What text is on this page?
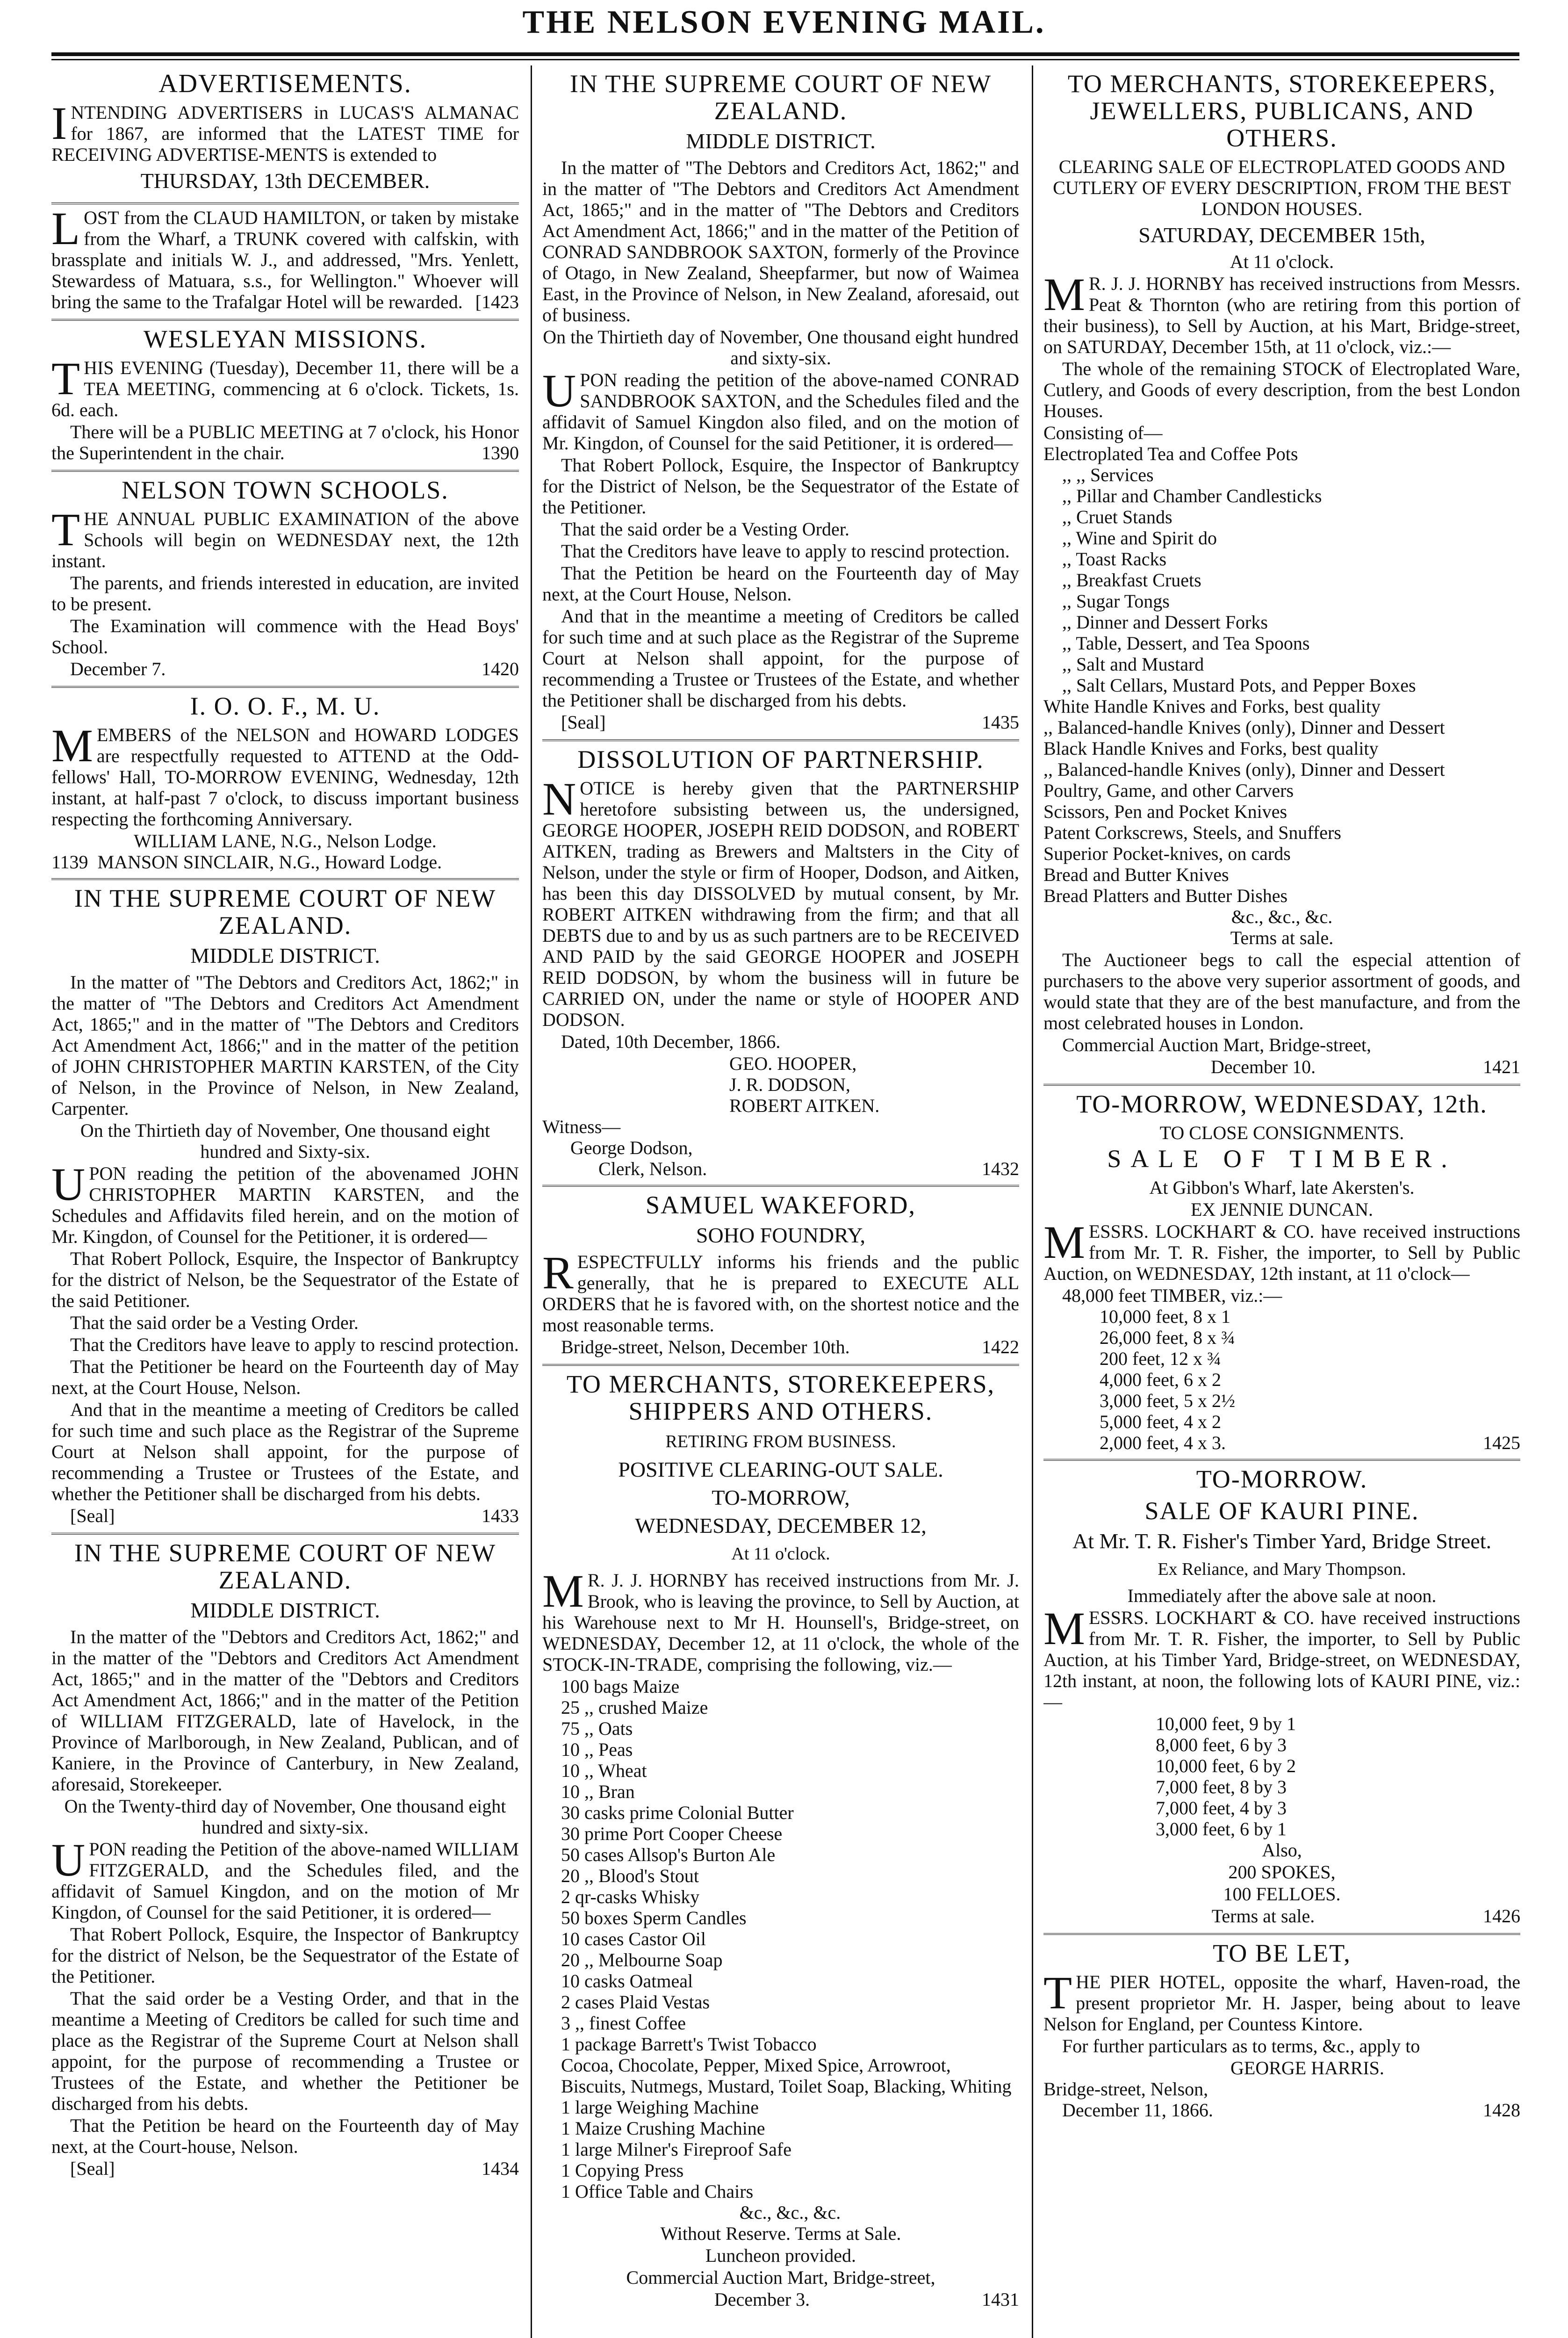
THE NELSON EVENING MAIL.
ADVERTISEMENTS.
INTENDING ADVERTISERS in LUCAS'S ALMANAC for 1867, are informed that the LATEST TIME for RECEIVING ADVERTISE-MENTS is extended to
THURSDAY, 13th DECEMBER.
LOST from the CLAUD HAMILTON, or taken by mistake from the Wharf, a TRUNK covered with calfskin, with brassplate and initials W. J., and addressed, "Mrs. Yenlett, Stewardess of Matuara, s.s., for Wellington." Whoever will bring the same to the Trafalgar Hotel will be rewarded. [1423
WESLEYAN MISSIONS.
THIS EVENING (Tuesday), December 11, there will be a TEA MEETING, commencing at 6 o'clock. Tickets, 1s. 6d. each.
There will be a PUBLIC MEETING at 7 o'clock, his Honor the Superintendent in the chair.	1390
NELSON TOWN SCHOOLS.
THE ANNUAL PUBLIC EXAMINATION of the above Schools will begin on WEDNESDAY next, the 12th instant.
The parents, and friends interested in education, are invited to be present.
The Examination will commence with the Head Boys' School.
December 7.	1420
I. O. O. F., M. U.
MEMBERS of the NELSON and HOWARD LODGES are respectfully requested to ATTEND at the Odd-fellows' Hall, TO-MORROW EVENING, Wednesday, 12th instant, at half-past 7 o'clock, to discuss important business respecting the forthcoming Anniversary.
WILLIAM LANE, N.G., Nelson Lodge.
1139 MANSON SINCLAIR, N.G., Howard Lodge.
IN THE SUPREME COURT OF NEW ZEALAND.
MIDDLE DISTRICT.
In the matter of "The Debtors and Creditors Act, 1862;" in the matter of "The Debtors and Creditors Act Amendment Act, 1865;" and in the matter of "The Debtors and Creditors Act Amendment Act, 1866;" and in the matter of the petition of JOHN CHRISTOPHER MARTIN KARSTEN, of the City of Nelson, in the Province of Nelson, in New Zealand, Carpenter.
On the Thirtieth day of November, One thousand eight hundred and Sixty-six.
UPON reading the petition of the abovenamed JOHN CHRISTOPHER MARTIN KARSTEN, and the Schedules and Affidavits filed herein, and on the motion of Mr. Kingdon, of Counsel for the Petitioner, it is ordered—
That Robert Pollock, Esquire, the Inspector of Bankruptcy for the district of Nelson, be the Sequestrator of the Estate of the said Petitioner.
That the said order be a Vesting Order.
That the Creditors have leave to apply to rescind protection.
That the Petitioner be heard on the Fourteenth day of May next, at the Court House, Nelson.
And that in the meantime a meeting of Creditors be called for such time and such place as the Registrar of the Supreme Court at Nelson shall appoint, for the purpose of recommending a Trustee or Trustees of the Estate, and whether the Petitioner shall be discharged from his debts.
[Seal]	1433
IN THE SUPREME COURT OF NEW ZEALAND.
MIDDLE DISTRICT.
In the matter of the "Debtors and Creditors Act, 1862;" and in the matter of the "Debtors and Creditors Act Amendment Act, 1865;" and in the matter of the "Debtors and Creditors Act Amendment Act, 1866;" and in the matter of the Petition of WILLIAM FITZGERALD, late of Havelock, in the Province of Marlborough, in New Zealand, Publican, and of Kaniere, in the Province of Canterbury, in New Zealand, aforesaid, Storekeeper.
On the Twenty-third day of November, One thousand eight hundred and sixty-six.
UPON reading the Petition of the above-named WILLIAM FITZGERALD, and the Schedules filed, and the affidavit of Samuel Kingdon, and on the motion of Mr Kingdon, of Counsel for the said Petitioner, it is ordered—
That Robert Pollock, Esquire, the Inspector of Bankruptcy for the district of Nelson, be the Sequestrator of the Estate of the Petitioner.
That the said order be a Vesting Order, and that in the meantime a Meeting of Creditors be called for such time and place as the Registrar of the Supreme Court at Nelson shall appoint, for the purpose of recommending a Trustee or Trustees of the Estate, and whether the Petitioner be discharged from his debts.
That the Petition be heard on the Fourteenth day of May next, at the Court-house, Nelson.
[Seal]	1434
IN THE SUPREME COURT OF NEW ZEALAND.
MIDDLE DISTRICT.
In the matter of "The Debtors and Creditors Act, 1862;" and in the matter of "The Debtors and Creditors Act Amendment Act, 1865;" and in the matter of "The Debtors and Creditors Act Amendment Act, 1866;" and in the matter of the Petition of CONRAD SANDBROOK SAXTON, formerly of the Province of Otago, in New Zealand, Sheepfarmer, but now of Waimea East, in the Province of Nelson, in New Zealand, aforesaid, out of business.
On the Thirtieth day of November, One thousand eight hundred and sixty-six.
UPON reading the petition of the above-named CONRAD SANDBROOK SAXTON, and the Schedules filed and the affidavit of Samuel Kingdon also filed, and on the motion of Mr. Kingdon, of Counsel for the said Petitioner, it is ordered—
That Robert Pollock, Esquire, the Inspector of Bankruptcy for the District of Nelson, be the Sequestrator of the Estate of the Petitioner.
That the said order be a Vesting Order.
That the Creditors have leave to apply to rescind protection.
That the Petition be heard on the Fourteenth day of May next, at the Court House, Nelson.
And that in the meantime a meeting of Creditors be called for such time and at such place as the Registrar of the Supreme Court at Nelson shall appoint, for the purpose of recommending a Trustee or Trustees of the Estate, and whether the Petitioner shall be discharged from his debts.
[Seal]	1435
DISSOLUTION OF PARTNERSHIP.
NOTICE is hereby given that the PARTNERSHIP heretofore subsisting between us, the undersigned, GEORGE HOOPER, JOSEPH REID DODSON, and ROBERT AITKEN, trading as Brewers and Maltsters in the City of Nelson, under the style or firm of Hooper, Dodson, and Aitken, has been this day DISSOLVED by mutual consent, by Mr. ROBERT AITKEN withdrawing from the firm; and that all DEBTS due to and by us as such partners are to be RECEIVED AND PAID by the said GEORGE HOOPER and JOSEPH REID DODSON, by whom the business will in future be CARRIED ON, under the name or style of HOOPER AND DODSON.
Dated, 10th December, 1866.
GEO. HOOPER,
J. R. DODSON,
ROBERT AITKEN.
Witness—
George Dodson,
Clerk, Nelson.	1432
SAMUEL WAKEFORD,
SOHO FOUNDRY,
RESPECTFULLY informs his friends and the public generally, that he is prepared to EXECUTE ALL ORDERS that he is favored with, on the shortest notice and the most reasonable terms.
Bridge-street, Nelson, December 10th.	1422
TO MERCHANTS, STOREKEEPERS, SHIPPERS AND OTHERS.
RETIRING FROM BUSINESS.
POSITIVE CLEARING-OUT SALE.
TO-MORROW,
WEDNESDAY, DECEMBER 12,
At 11 o'clock.
M R. J. J. HORNBY has received instructions from Mr. J. Brook, who is leaving the province, to Sell by Auction, at his Warehouse next to Mr H. Hounsell's, Bridge-street, on WEDNESDAY, December 12, at 11 o'clock, the whole of the STOCK-IN-TRADE, comprising the following, viz.—
100 bags Maize
25 ,, crushed Maize
75 ,, Oats
10 ,, Peas
10 ,, Wheat
10 ,, Bran
30 casks prime Colonial Butter
30 prime Port Cooper Cheese
50 cases Allsop's Burton Ale
20 ,, Blood's Stout
2 qr-casks Whisky
50 boxes Sperm Candles
10 cases Castor Oil
20 ,, Melbourne Soap
10 casks Oatmeal
2 cases Plaid Vestas
3 ,, finest Coffee
1 package Barrett's Twist Tobacco
Cocoa, Chocolate, Pepper, Mixed Spice, Arrowroot, Biscuits, Nutmegs, Mustard, Toilet Soap, Blacking, Whiting
1 large Weighing Machine
1 Maize Crushing Machine
1 large Milner's Fireproof Safe
1 Copying Press
1 Office Table and Chairs
&c., &c., &c.
Without Reserve. Terms at Sale.
Luncheon provided.
Commercial Auction Mart, Bridge-street,
December 3.	1431
TO MERCHANTS, STOREKEEPERS, JEWELLERS, PUBLICANS, AND OTHERS.
CLEARING SALE OF ELECTROPLATED GOODS AND CUTLERY OF EVERY DESCRIPTION, FROM THE BEST LONDON HOUSES.
SATURDAY, DECEMBER 15th,
At 11 o'clock.
M R. J. J. HORNBY has received instructions from Messrs. Peat & Thornton (who are retiring from this portion of their business), to Sell by Auction, at his Mart, Bridge-street, on SATURDAY, December 15th, at 11 o'clock, viz.:—
The whole of the remaining STOCK of Electroplated Ware, Cutlery, and Goods of every description, from the best London Houses.
Consisting of—
Electroplated Tea and Coffee Pots
,, ,, Services
,, Pillar and Chamber Candlesticks
,, Cruet Stands
,, Wine and Spirit do
,, Toast Racks
,, Breakfast Cruets
,, Sugar Tongs
,, Dinner and Dessert Forks
,, Table, Dessert, and Tea Spoons
,, Salt and Mustard
,, Salt Cellars, Mustard Pots, and Pepper Boxes
White Handle Knives and Forks, best quality
,, Balanced-handle Knives (only), Dinner and Dessert
Black Handle Knives and Forks, best quality
,, Balanced-handle Knives (only), Dinner and Dessert
Poultry, Game, and other Carvers
Scissors, Pen and Pocket Knives
Patent Corkscrews, Steels, and Snuffers
Superior Pocket-knives, on cards
Bread and Butter Knives
Bread Platters and Butter Dishes
&c., &c., &c.
Terms at sale.
The Auctioneer begs to call the especial attention of purchasers to the above very superior assortment of goods, and would state that they are of the best manufacture, and from the most celebrated houses in London.
Commercial Auction Mart, Bridge-street,
December 10.	1421
TO-MORROW, WEDNESDAY, 12th.
TO CLOSE CONSIGNMENTS.
SALE OF TIMBER.
At Gibbon's Wharf, late Akersten's.
EX JENNIE DUNCAN.
MESSRS. LOCKHART & CO. have received instructions from Mr. T. R. Fisher, the importer, to Sell by Public Auction, on WEDNESDAY, 12th instant, at 11 o'clock—
48,000 feet TIMBER, viz.:—
10,000 feet, 8 x 1
26,000 feet, 8 x ¾
200 feet, 12 x ¾
4,000 feet, 6 x 2
3,000 feet, 5 x 2½
5,000 feet, 4 x 2
2,000 feet, 4 x 3.	1425
TO-MORROW.
SALE OF KAURI PINE.
At Mr. T. R. Fisher's Timber Yard, Bridge Street.
Ex Reliance, and Mary Thompson.
Immediately after the above sale at noon.
MESSRS. LOCKHART & CO. have received instructions from Mr. T. R. Fisher, the importer, to Sell by Public Auction, at his Timber Yard, Bridge-street, on WEDNESDAY, 12th instant, at noon, the following lots of KAURI PINE, viz.:—
10,000 feet, 9 by 1
8,000 feet, 6 by 3
10,000 feet, 6 by 2
7,000 feet, 8 by 3
7,000 feet, 4 by 3
3,000 feet, 6 by 1
Also,
200 SPOKES,
100 FELLOES.
Terms at sale.	1426
TO BE LET,
THE PIER HOTEL, opposite the wharf, Haven-road, the present proprietor Mr. H. Jasper, being about to leave Nelson for England, per Countess Kintore.
For further particulars as to terms, &c., apply to
GEORGE HARRIS.
Bridge-street, Nelson,
December 11, 1866.	1428
